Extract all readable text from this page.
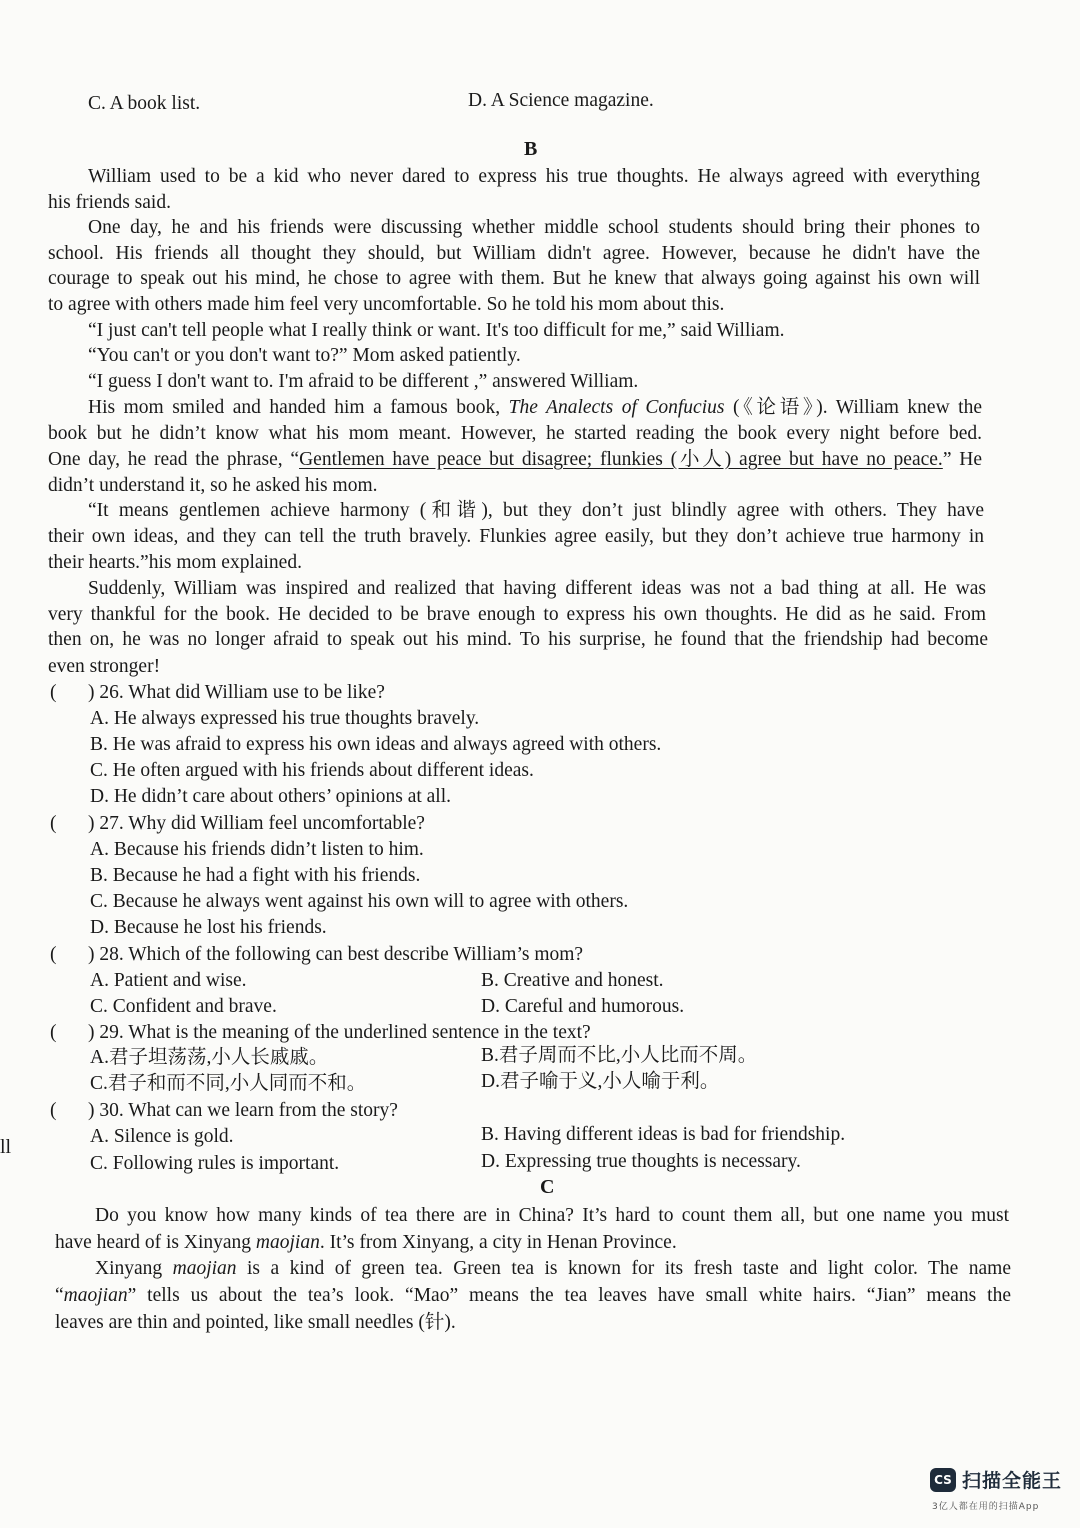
C. A book list.	D. A Science magazine.
B
William used to be a kid who never dared to express his true thoughts. He always agreed with everything
his friends said.
One day, he and his friends were discussing whether middle school students should bring their phones to
school. His friends all thought they should, but William didn't agree. However, because he didn't have the
courage to speak out his mind, he chose to agree with them. But he knew that always going against his own will
to agree with others made him feel very uncomfortable. So he told his mom about this.
“I just can't tell people what I really think or want. It's too difficult for me,” said William.
“You can't or you don't want to?” Mom asked patiently.
“I guess I don't want to. I'm afraid to be different ,” answered William.
His mom smiled and handed him a famous book, The Analects of Confucius (《论语》). William knew the
book but he didn’t know what his mom meant. However, he started reading the book every night before bed.
One day, he read the phrase, “Gentlemen have peace but disagree; flunkies (小人) agree but have no peace.” He
didn’t understand it, so he asked his mom.
“It means gentlemen achieve harmony (和谐), but they don’t just blindly agree with others. They have
their own ideas, and they can tell the truth bravely. Flunkies agree easily, but they don’t achieve true harmony in
their hearts.”his mom explained.
Suddenly, William was inspired and realized that having different ideas was not a bad thing at all. He was
very thankful for the book. He decided to be brave enough to express his own thoughts. He did as he said. From
then on, he was no longer afraid to speak out his mind. To his surprise, he found that the friendship had become
even stronger!
( ) 26. What did William use to be like?
A. He always expressed his true thoughts bravely.
B. He was afraid to express his own ideas and always agreed with others.
C. He often argued with his friends about different ideas.
D. He didn’t care about others’ opinions at all.
( ) 27. Why did William feel uncomfortable?
A. Because his friends didn’t listen to him.
B. Because he had a fight with his friends.
C. Because he always went against his own will to agree with others.
D. Because he lost his friends.
( ) 28. Which of the following can best describe William’s mom?
A. Patient and wise.	B. Creative and honest.
C. Confident and brave.	D. Careful and humorous.
( ) 29. What is the meaning of the underlined sentence in the text?
A.君子坦荡荡,小人长戚戚。	B.君子周而不比,小人比而不周。
C.君子和而不同,小人同而不和。	D.君子喻于义,小人喻于利。
( ) 30. What can we learn from the story?
A. Silence is gold.	B. Having different ideas is bad for friendship.
C. Following rules is important.	D. Expressing true thoughts is necessary.
C
Do you know how many kinds of tea there are in China? It’s hard to count them all, but one name you must
have heard of is Xinyang maojian. It’s from Xinyang, a city in Henan Province.
Xinyang maojian is a kind of green tea. Green tea is known for its fresh taste and light color. The name
“maojian” tells us about the tea’s look. “Mao” means the tea leaves have small white hairs. “Jian” means the
leaves are thin and pointed, like small needles (针).
ll
CS 扫描全能王
3亿人都在用的扫描App
